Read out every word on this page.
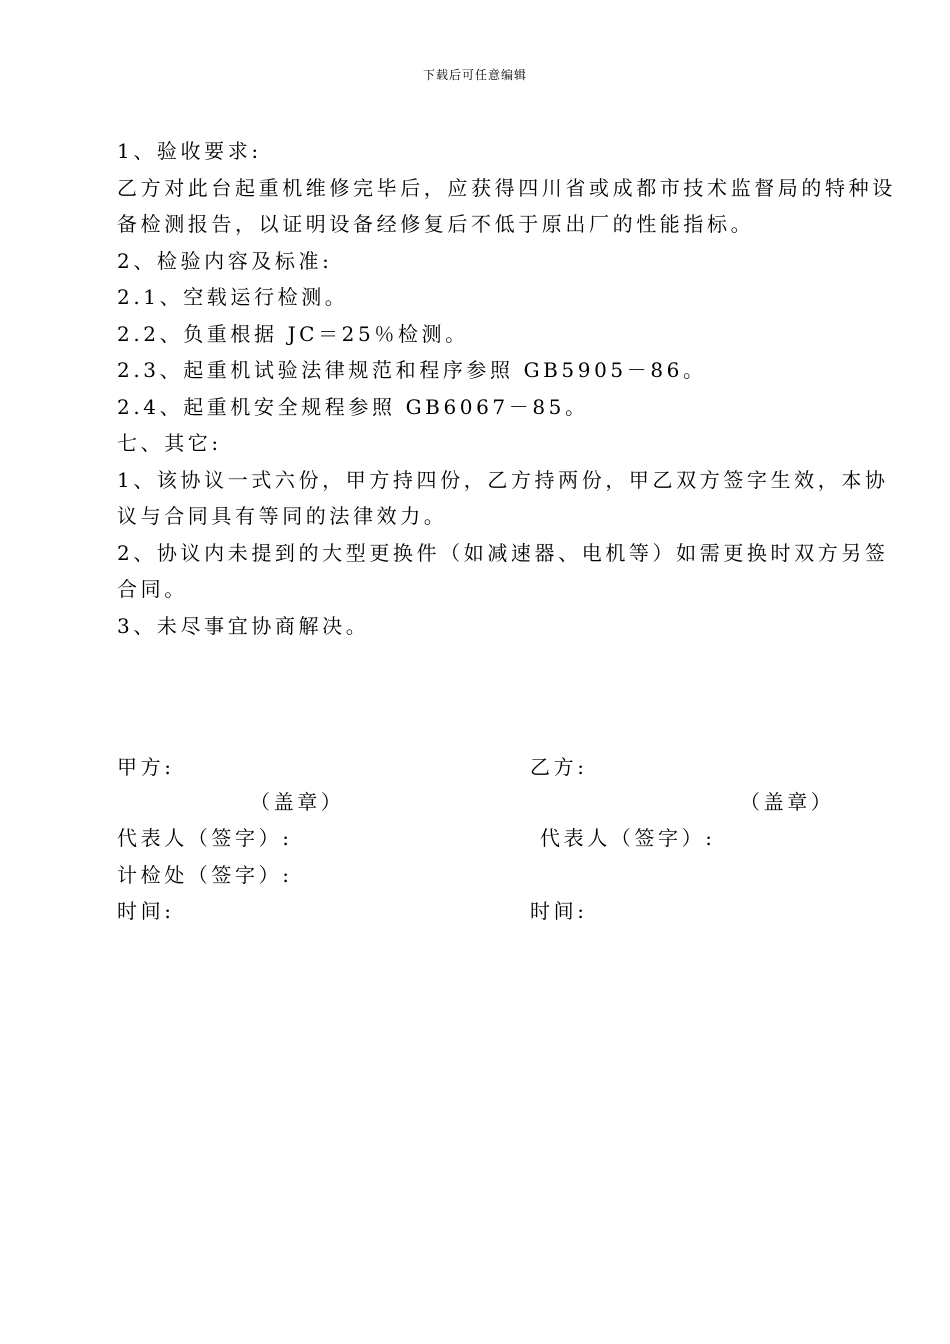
下载后可任意编辑

1、验收要求:

乙方对此台起重机维修完毕后，应获得四川省或成都市技术监督局的特种设

备检测报告，以证明设备经修复后不低于原出厂的性能指标。

2、检验内容及标准:

2.1、空载运行检测。

2.2、负重根据 JC＝25％检测。

2.3、起重机试验法律规范和程序参照 GB5905－86。

2.4、起重机安全规程参照 GB6067－85。

七、其它:

1、该协议一式六份，甲方持四份，乙方持两份，甲乙双方签字生效，本协

议与合同具有等同的法律效力。

2、协议内未提到的大型更换件（如减速器、电机等）如需更换时双方另签

合同。

3、未尽事宜协商解决。

甲方:	乙方:
（盖章）	（盖章）
代表人（签字）:	代表人（签字）:
计检处（签字）:
时间:	时间:
